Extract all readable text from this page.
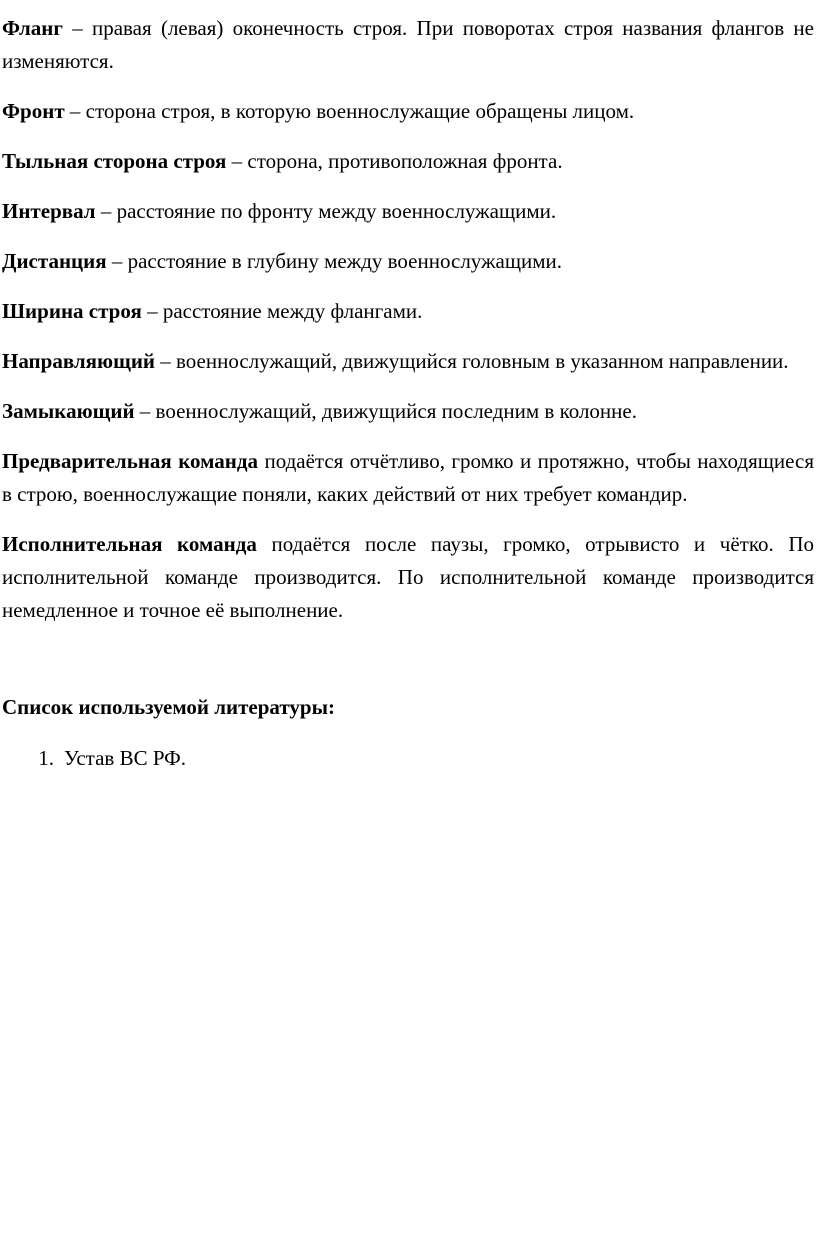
Фланг – правая (левая) оконечность строя. При поворотах строя названия флангов не изменяются.

Фронт – сторона строя, в которую военнослужащие обращены лицом.

Тыльная сторона строя – сторона, противоположная фронта.

Интервал – расстояние по фронту между военнослужащими.

Дистанция – расстояние в глубину между военнослужащими.

Ширина строя – расстояние между флангами.

Направляющий – военнослужащий, движущийся головным в указанном направлении.

Замыкающий – военнослужащий, движущийся последним в колонне.

Предварительная команда подаётся отчётливо, громко и протяжно, чтобы находящиеся в строю, военнослужащие поняли, каких действий от них требует командир.

Исполнительная команда подаётся после паузы, громко, отрывисто и чётко. По исполнительной команде производится. По исполнительной команде производится немедленное и точное её выполнение.

Список используемой литературы:
1. Устав ВС РФ.
